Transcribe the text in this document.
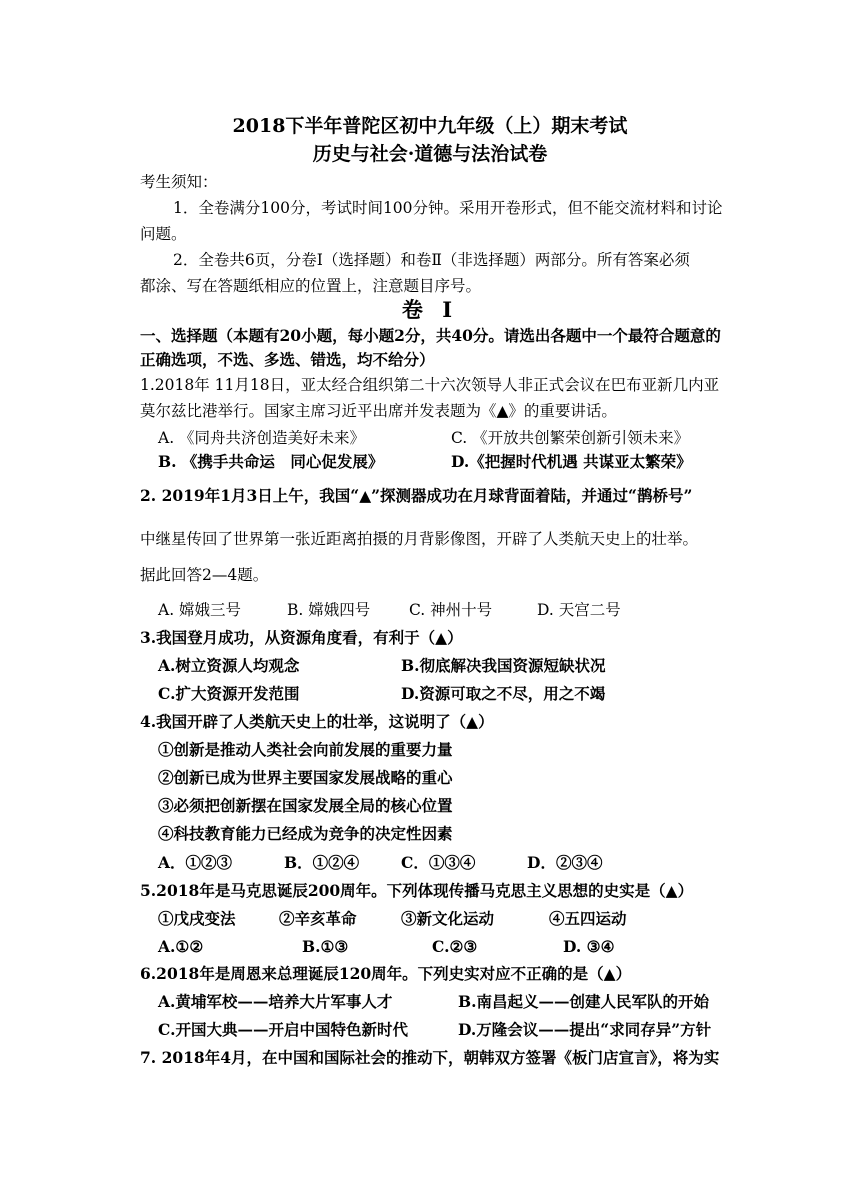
2018下半年普陀区初中九年级（上）期末考试
历史与社会·道德与法治试卷
考生须知：
1．全卷满分100分，考试时间100分钟。采用开卷形式，但不能交流材料和讨论
问题。
2．全卷共6页，分卷Ⅰ（选择题）和卷Ⅱ（非选择题）两部分。所有答案必须
都涂、写在答题纸相应的位置上，注意题目序号。
卷 Ⅰ
一、选择题（本题有20小题，每小题2分，共40分。请选出各题中一个最符合题意的
正确选项，不选、多选、错选，均不给分）
1.2018年 11月18日，亚太经合组织第二十六次领导人非正式会议在巴布亚新几内亚
莫尔兹比港举行。国家主席习近平出席并发表题为《▲》的重要讲话。
A. 《同舟共济创造美好未来》	C. 《开放共创繁荣创新引领未来》
B. 《携手共命运　同心促发展》	D.《把握时代机遇 共谋亚太繁荣》
2. 2019年1月3日上午，我国“▲”探测器成功在月球背面着陆，并通过“鹊桥号”
中继星传回了世界第一张近距离拍摄的月背影像图，开辟了人类航天史上的壮举。
据此回答2—4题。
A. 嫦娥三号	B. 嫦娥四号	C. 神州十号	D. 天宫二号
3.我国登月成功，从资源角度看，有利于（▲）
A.树立资源人均观念	B.彻底解决我国资源短缺状况
C.扩大资源开发范围	D.资源可取之不尽，用之不竭
4.我国开辟了人类航天史上的壮举，这说明了（▲）
①创新是推动人类社会向前发展的重要力量
②创新已成为世界主要国家发展战略的重心
③必须把创新摆在国家发展全局的核心位置
④科技教育能力已经成为竞争的决定性因素
A．①②③	B．①②④	C．①③④	D．②③④
5.2018年是马克思诞辰200周年。下列体现传播马克思主义思想的史实是（▲）
①戊戌变法	②辛亥革命	③新文化运动	④五四运动
A.①②	B.①③	C.②③	D. ③④
6.2018年是周恩来总理诞辰120周年。下列史实对应不正确的是（▲）
A.黄埔军校——培养大片军事人才	B.南昌起义——创建人民军队的开始
C.开国大典——开启中国特色新时代	D.万隆会议——提出“求同存异”方针
7. 2018年4月，在中国和国际社会的推动下，朝韩双方签署《板门店宣言》，将为实
